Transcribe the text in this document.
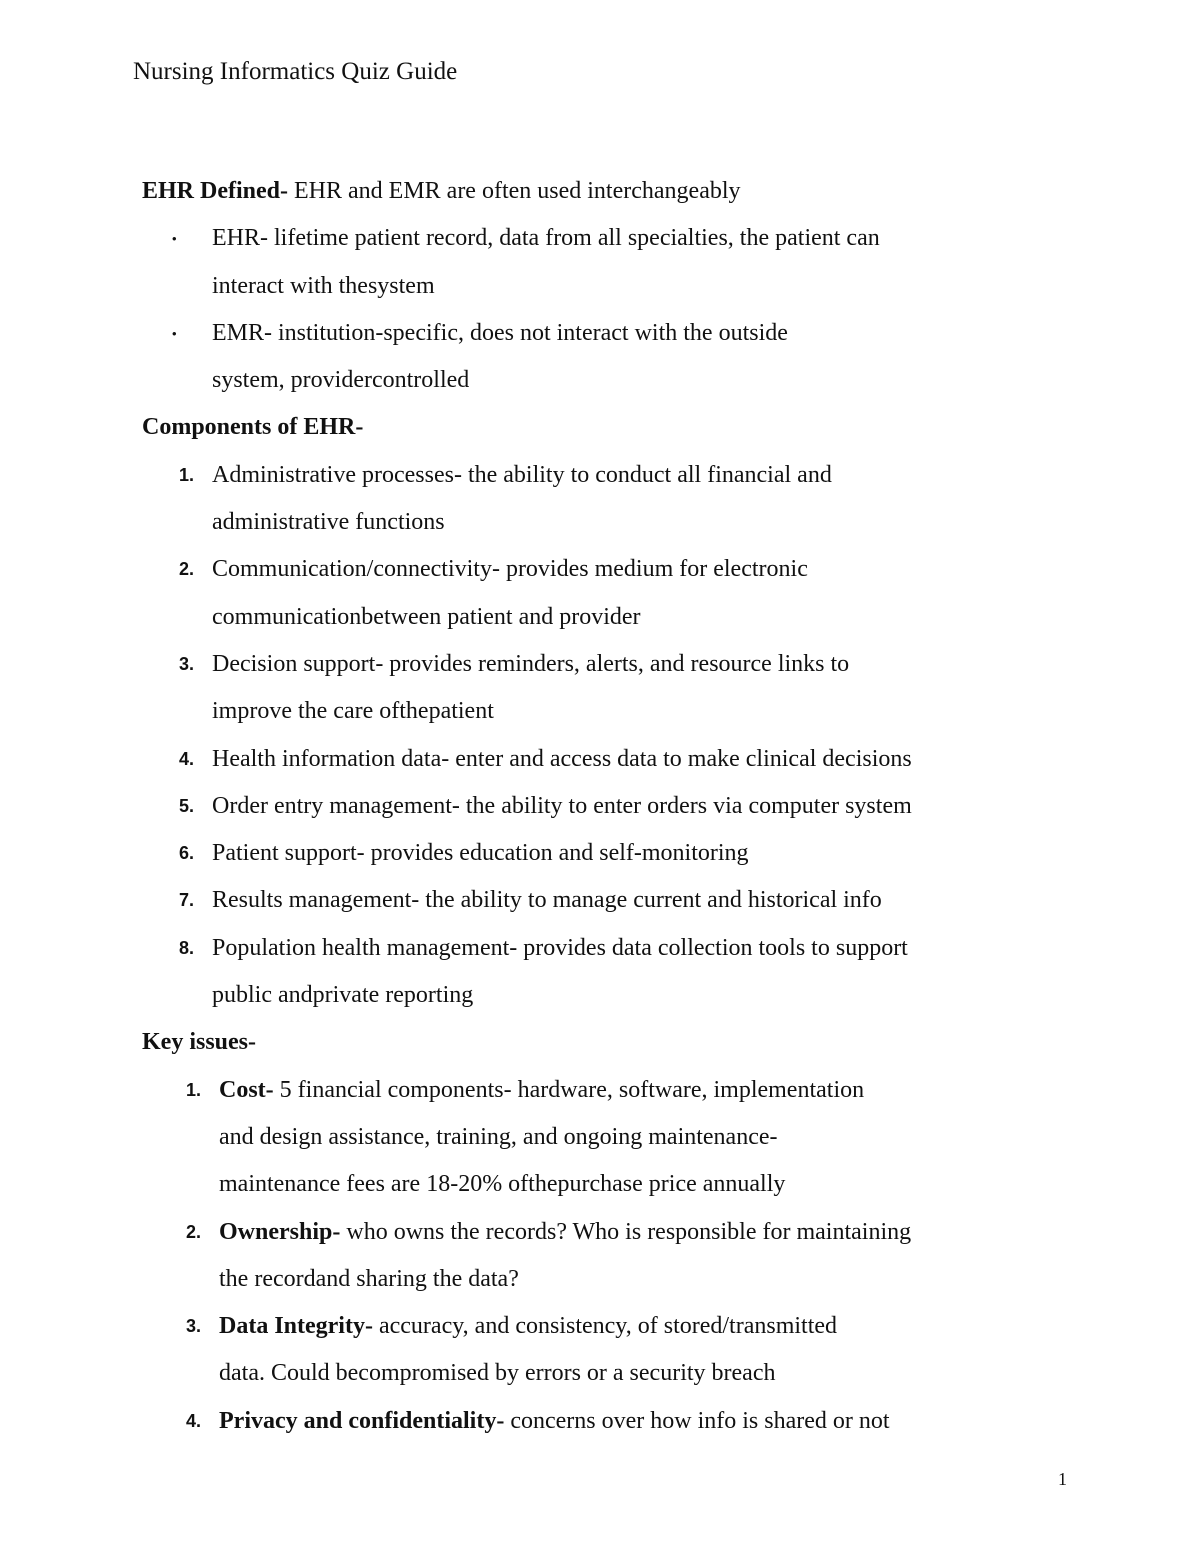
Nursing Informatics Quiz Guide

EHR Defined- EHR and EMR are often used interchangeably

• EHR- lifetime patient record, data from all specialties, the patient can

interact with thesystem

• EMR- institution-specific, does not interact with the outside

system, providercontrolled

Components of EHR-

1. Administrative processes- the ability to conduct all financial and

administrative functions

2. Communication/connectivity- provides medium for electronic

communicationbetween patient and provider

3. Decision support- provides reminders, alerts, and resource links to

improve the care ofthepatient

4. Health information data- enter and access data to make clinical decisions

5. Order entry management- the ability to enter orders via computer system

6. Patient support- provides education and self-monitoring

7. Results management- the ability to manage current and historical info

8. Population health management- provides data collection tools to support

public andprivate reporting

Key issues-

1. Cost- 5 financial components- hardware, software, implementation

and design assistance, training, and ongoing maintenance-

maintenance fees are 18-20% ofthepurchase price annually

2. Ownership- who owns the records? Who is responsible for maintaining

the recordand sharing the data?

3. Data Integrity- accuracy, and consistency, of stored/transmitted

data. Could becompromised by errors or a security breach

4. Privacy and confidentiality- concerns over how info is shared or not

1
